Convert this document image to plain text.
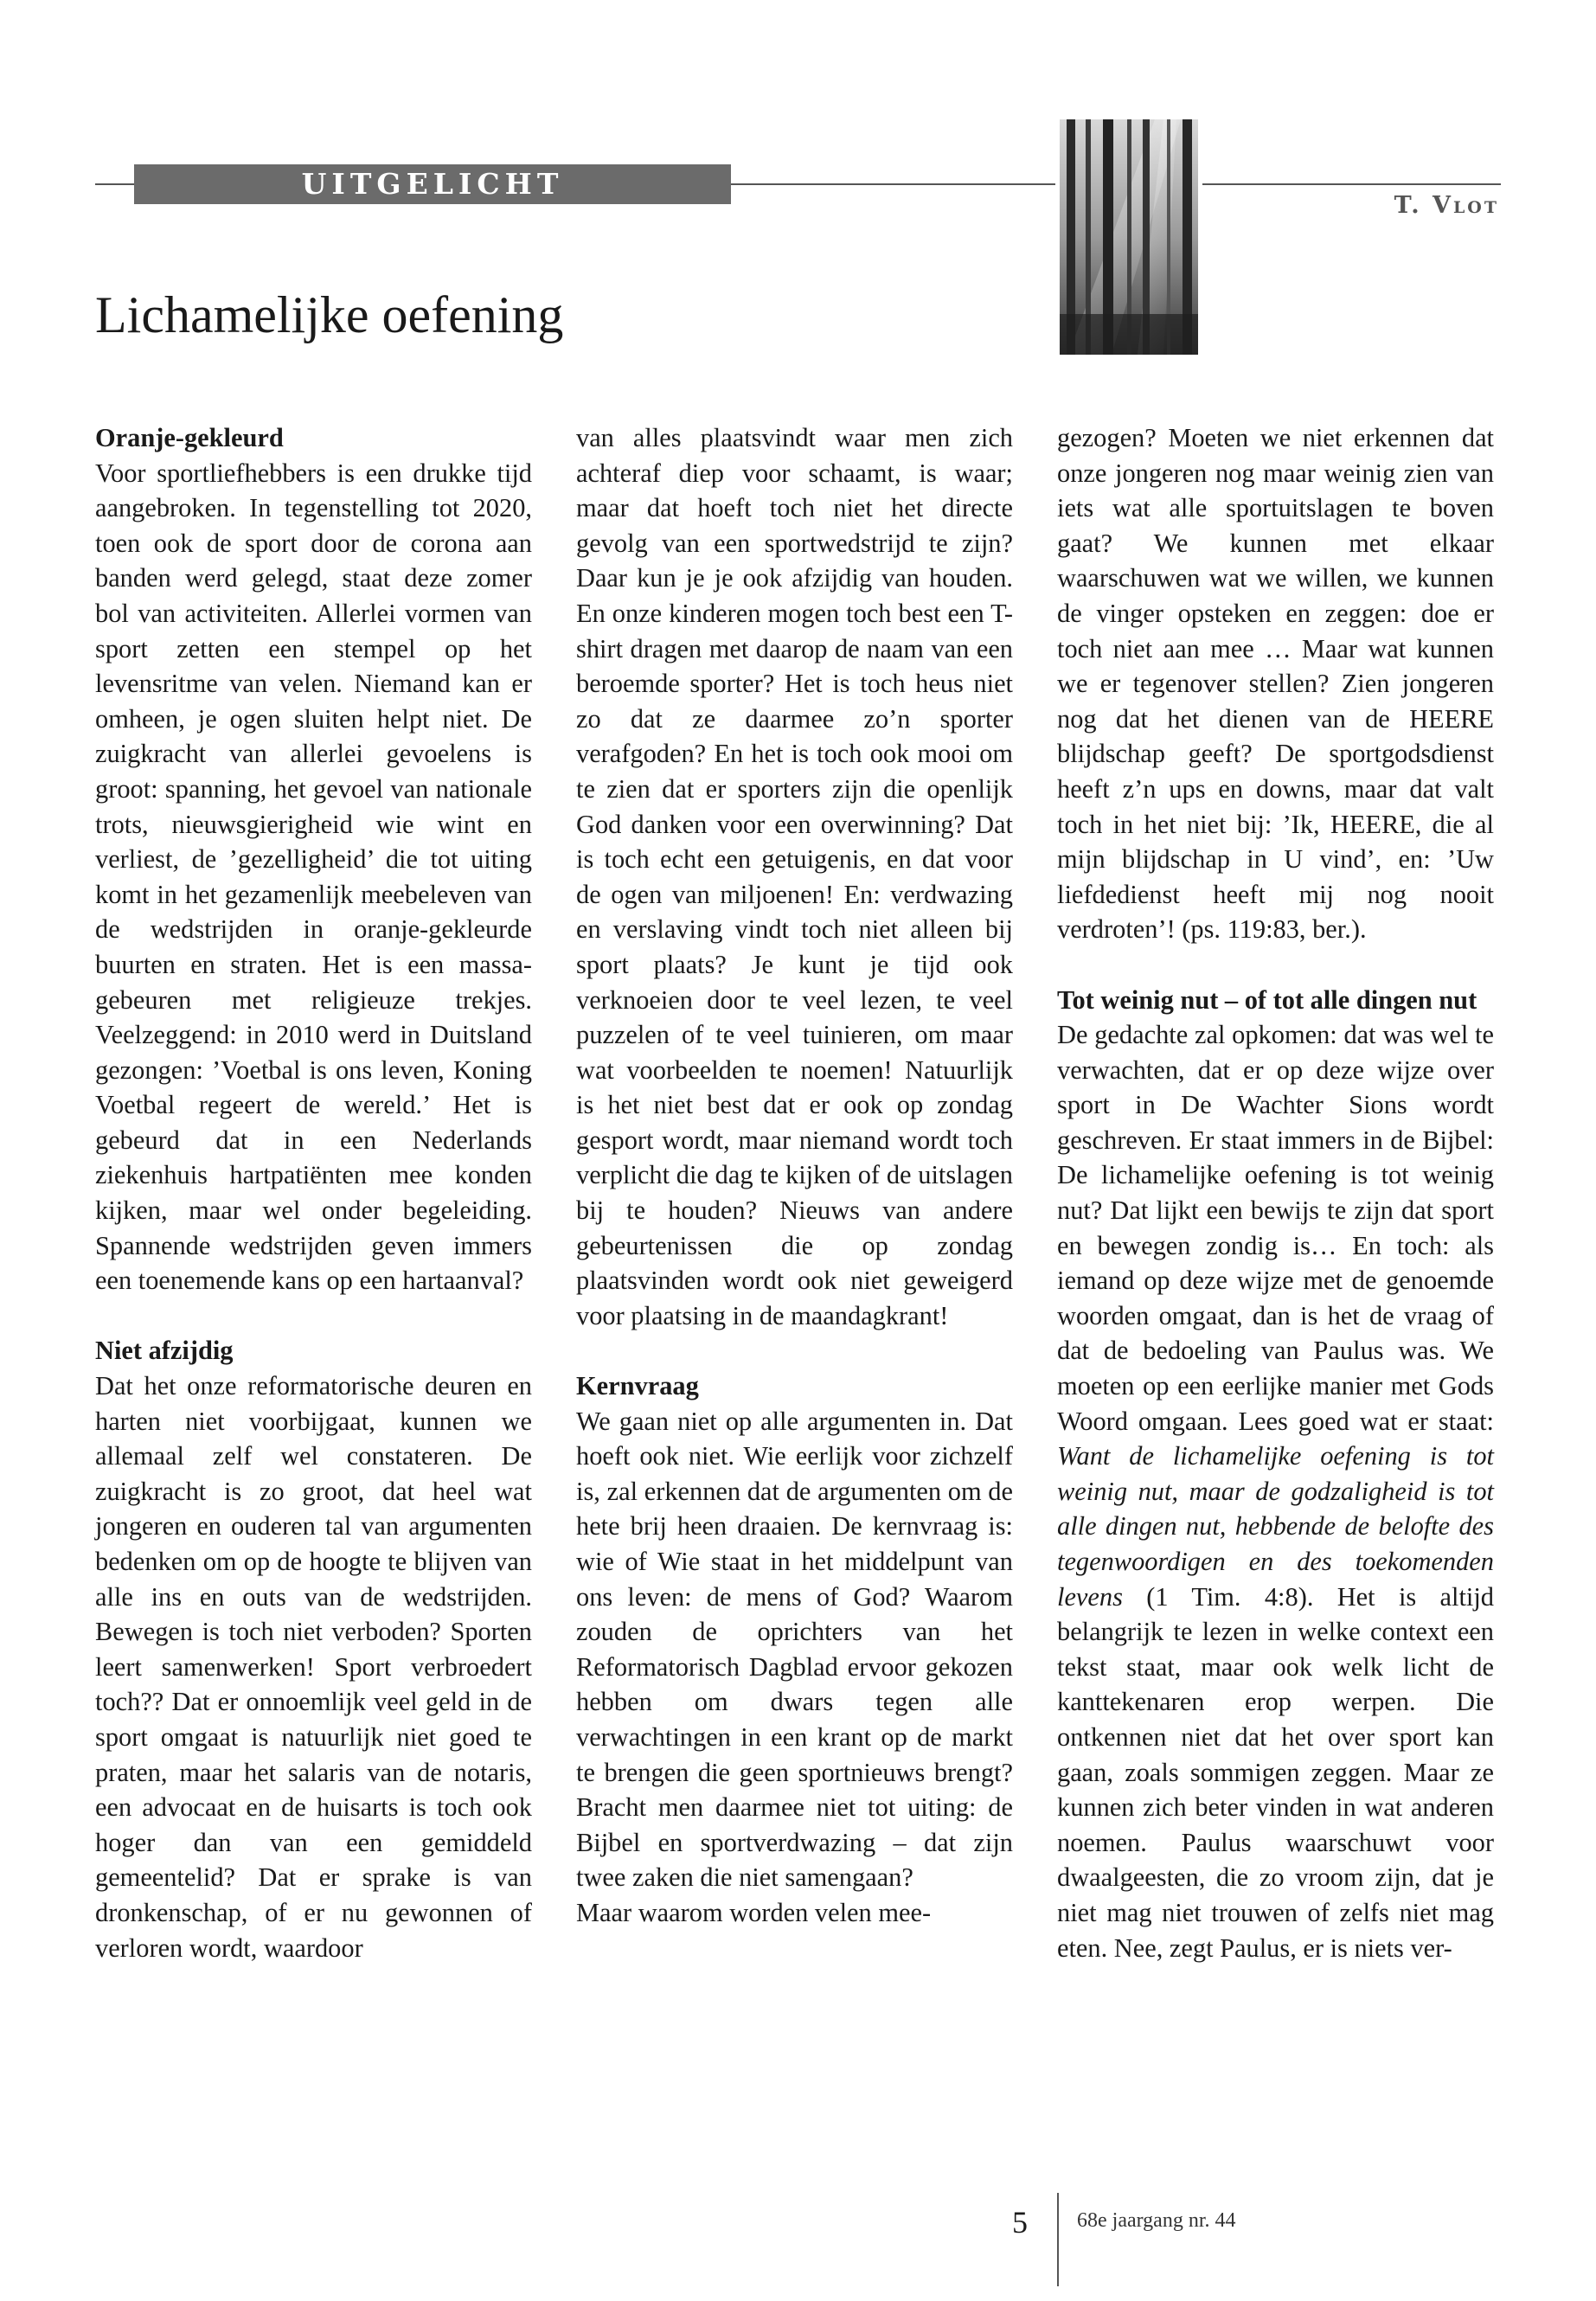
UITGELICHT
T. Vlot
Lichamelijke oefening
Oranje-gekleurd

Voor sportliefhebbers is een drukke tijd aangebroken. In tegenstelling tot 2020, toen ook de sport door de corona aan banden werd gelegd, staat deze zomer bol van activiteiten. Allerlei vormen van sport zetten een stempel op het levensritme van velen. Niemand kan er omheen, je ogen sluiten helpt niet. De zuigkracht van allerlei gevoelens is groot: spanning, het gevoel van nationale trots, nieuwsgierigheid wie wint en verliest, de ’gezelligheid’ die tot uiting komt in het gezamenlijk meebeleven van de wedstrijden in oranje-gekleurde buurten en straten. Het is een massa-gebeuren met religieuze trekjes. Veelzeggend: in 2010 werd in Duitsland gezongen: ’Voetbal is ons leven, Koning Voetbal regeert de wereld.’ Het is gebeurd dat in een Nederlands ziekenhuis hartpatiënten mee konden kijken, maar wel onder begeleiding. Spannende wedstrijden geven immers een toenemende kans op een hartaanval?

Niet afzijdig

Dat het onze reformatorische deuren en harten niet voorbijgaat, kunnen we allemaal zelf wel constateren. De zuigkracht is zo groot, dat heel wat jongeren en ouderen tal van argumenten bedenken om op de hoogte te blijven van alle ins en outs van de wedstrijden. Bewegen is toch niet verboden? Sporten leert samenwerken! Sport verbroedert toch?? Dat er onnoemlijk veel geld in de sport omgaat is natuurlijk niet goed te praten, maar het salaris van de notaris, een advocaat en de huisarts is toch ook hoger dan van een gemiddeld gemeentelid? Dat er sprake is van dronkenschap, of er nu gewonnen of verloren wordt, waardoor

van alles plaatsvindt waar men zich achteraf diep voor schaamt, is waar; maar dat hoeft toch niet het directe gevolg van een sportwedstrijd te zijn? Daar kun je je ook afzijdig van houden. En onze kinderen mogen toch best een T-shirt dragen met daarop de naam van een beroemde sporter? Het is toch heus niet zo dat ze daarmee zo’n sporter verafgoden? En het is toch ook mooi om te zien dat er sporters zijn die openlijk God danken voor een overwinning? Dat is toch echt een getuigenis, en dat voor de ogen van miljoenen! En: verdwazing en verslaving vindt toch niet alleen bij sport plaats? Je kunt je tijd ook verknoeien door te veel lezen, te veel puzzelen of te veel tuinieren, om maar wat voorbeelden te noemen! Natuurlijk is het niet best dat er ook op zondag gesport wordt, maar niemand wordt toch verplicht die dag te kijken of de uitslagen bij te houden? Nieuws van andere gebeurtenissen die op zondag plaatsvinden wordt ook niet geweigerd voor plaatsing in de maandagkrant!

Kernvraag

We gaan niet op alle argumenten in. Dat hoeft ook niet. Wie eerlijk voor zichzelf is, zal erkennen dat de argumenten om de hete brij heen draaien. De kernvraag is: wie of Wie staat in het middelpunt van ons leven: de mens of God? Waarom zouden de oprichters van het Reformatorisch Dagblad ervoor gekozen hebben om dwars tegen alle verwachtingen in een krant op de markt te brengen die geen sportnieuws brengt? Bracht men daarmee niet tot uiting: de Bijbel en sportverdwazing – dat zijn twee zaken die niet samengaan?

Maar waarom worden velen mee-

gezogen? Moeten we niet erkennen dat onze jongeren nog maar weinig zien van iets wat alle sportuitslagen te boven gaat? We kunnen met elkaar waarschuwen wat we willen, we kunnen de vinger opsteken en zeggen: doe er toch niet aan mee … Maar wat kunnen we er tegenover stellen? Zien jongeren nog dat het dienen van de HEERE blijdschap geeft? De sportgodsdienst heeft z’n ups en downs, maar dat valt toch in het niet bij: ’Ik, HEERE, die al mijn blijdschap in U vind’, en: ’Uw liefdedienst heeft mij nog nooit verdroten’! (ps. 119:83, ber.).

Tot weinig nut – of tot alle dingen nut

De gedachte zal opkomen: dat was wel te verwachten, dat er op deze wijze over sport in De Wachter Sions wordt geschreven. Er staat immers in de Bijbel: De lichamelijke oefening is tot weinig nut? Dat lijkt een bewijs te zijn dat sport en bewegen zondig is… En toch: als iemand op deze wijze met de genoemde woorden omgaat, dan is het de vraag of dat de bedoeling van Paulus was. We moeten op een eerlijke manier met Gods Woord omgaan. Lees goed wat er staat: Want de lichamelijke oefening is tot weinig nut, maar de godzaligheid is tot alle dingen nut, hebbende de belofte des tegenwoordigen en des toekomenden levens (1 Tim. 4:8). Het is altijd belangrijk te lezen in welke context een tekst staat, maar ook welk licht de kanttekenaren erop werpen. Die ontkennen niet dat het over sport kan gaan, zoals sommigen zeggen. Maar ze kunnen zich beter vinden in wat anderen noemen. Paulus waarschuwt voor dwaalgeesten, die zo vroom zijn, dat je niet mag niet trouwen of zelfs niet mag eten. Nee, zegt Paulus, er is niets ver-

5 68e jaargang nr. 44
